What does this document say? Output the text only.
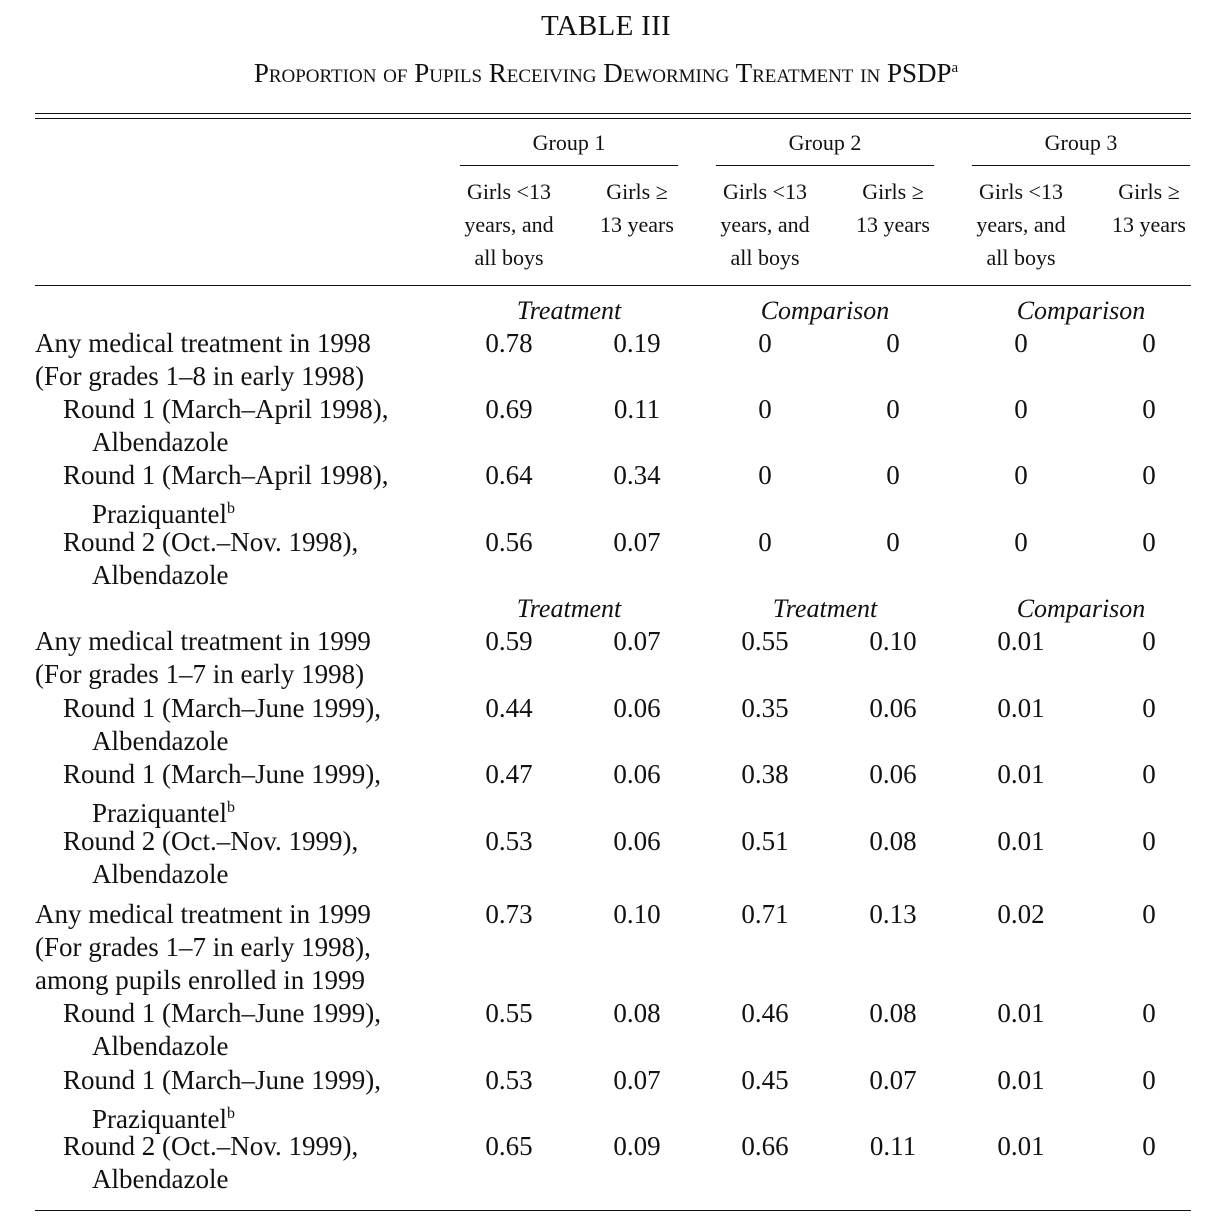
TABLE III
Proportion of Pupils Receiving Deworming Treatment in PSDP$^a$
Group 1	Group 2	Group 3
Girls <13
years, and
all boys
Girls ≥
13 years
Girls <13
years, and
all boys
Girls ≥
13 years
Girls <13
years, and
all boys
Girls ≥
13 years
Treatment	Comparison	Comparison
Any medical treatment in 1998
(For grades 1–8 in early 1998)
0.78	0.19	0	0	0	0
Round 1 (March–April 1998),
Albendazole
0.69	0.11	0	0	0	0
Round 1 (March–April 1998),
Praziquantel$^b$
0.64	0.34	0	0	0	0
Round 2 (Oct.–Nov. 1998),
Albendazole
0.56	0.07	0	0	0	0
Treatment	Treatment	Comparison
Any medical treatment in 1999
(For grades 1–7 in early 1998)
0.59	0.07	0.55	0.10	0.01	0
Round 1 (March–June 1999),
Albendazole
0.44	0.06	0.35	0.06	0.01	0
Round 1 (March–June 1999),
Praziquantel$^b$
0.47	0.06	0.38	0.06	0.01	0
Round 2 (Oct.–Nov. 1999),
Albendazole
0.53	0.06	0.51	0.08	0.01	0
Any medical treatment in 1999
(For grades 1–7 in early 1998),
among pupils enrolled in 1999
0.73	0.10	0.71	0.13	0.02	0
Round 1 (March–June 1999),
Albendazole
0.55	0.08	0.46	0.08	0.01	0
Round 1 (March–June 1999),
Praziquantel$^b$
0.53	0.07	0.45	0.07	0.01	0
Round 2 (Oct.–Nov. 1999),
Albendazole
0.65	0.09	0.66	0.11	0.01	0
